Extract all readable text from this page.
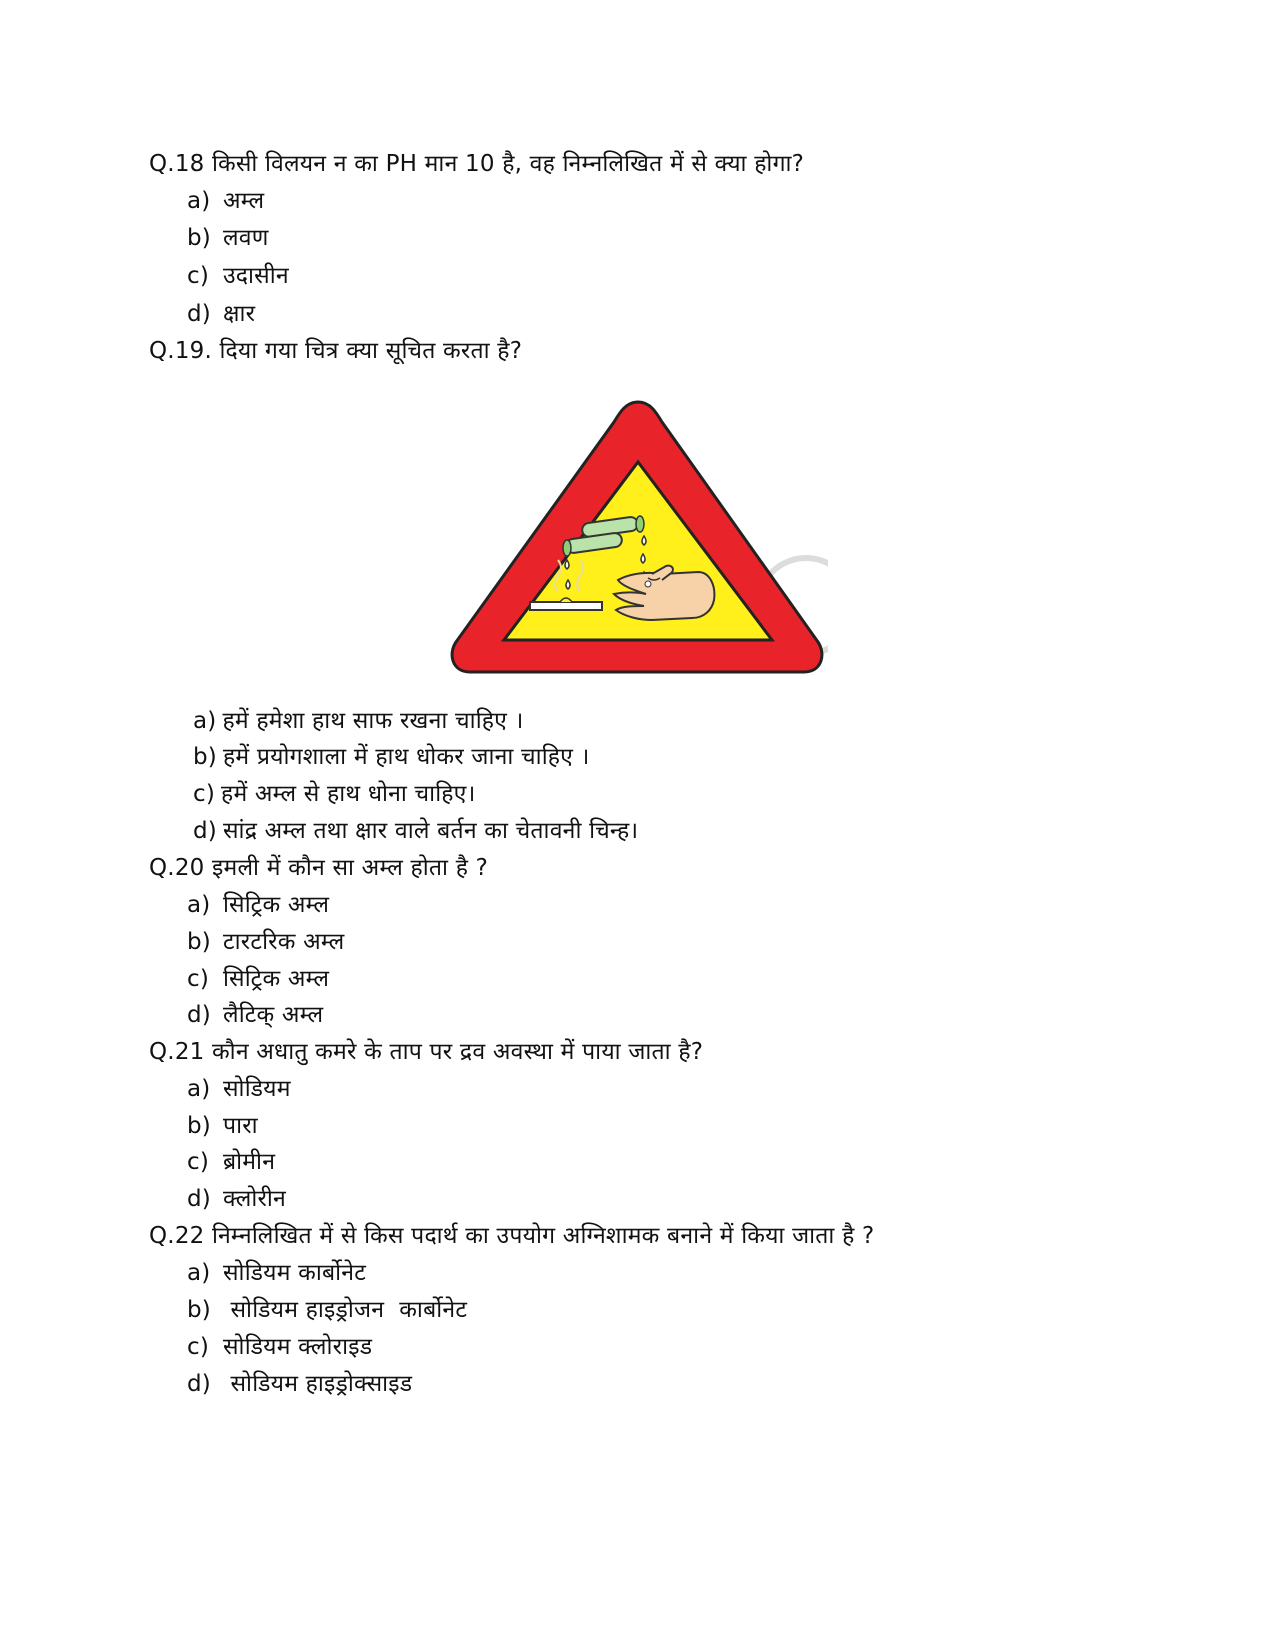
Q.18 किसी विलयन न का PH मान 10 है, वह निम्नलिखित में से क्या होगा?
a) अम्ल
b) लवण
c) उदासीन
d) क्षार
Q.19. दिया गया चित्र क्या सूचित करता है?
a) हमें हमेशा हाथ साफ रखना चाहिए ।
b) हमें प्रयोगशाला में हाथ धोकर जाना चाहिए ।
c) हमें अम्ल से हाथ धोना चाहिए।
d) सांद्र अम्ल तथा क्षार वाले बर्तन का चेतावनी चिन्ह।
Q.20 इमली में कौन सा अम्ल होता है ?
a) सिट्रिक अम्ल
b) टारटरिक अम्ल
c) सिट्रिक अम्ल
d) लैटिक् अम्ल
Q.21 कौन अधातु कमरे के ताप पर द्रव अवस्था में पाया जाता है?
a) सोडियम
b) पारा
c) ब्रोमीन
d) क्लोरीन
Q.22 निम्नलिखित में से किस पदार्थ का उपयोग अग्निशामक बनाने में किया जाता है ?
a) सोडियम कार्बोनेट
b) सोडियम हाइड्रोजन  कार्बोनेट
c) सोडियम क्लोराइड
d) सोडियम हाइड्रोक्साइड
